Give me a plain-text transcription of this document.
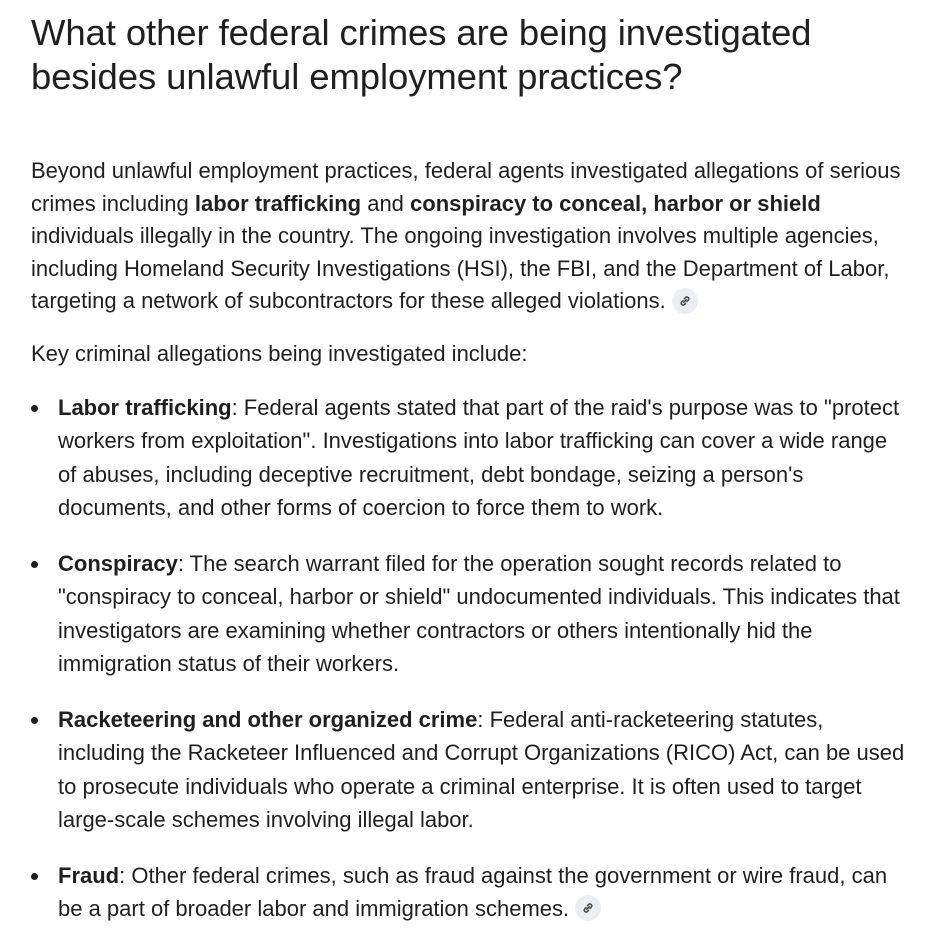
What other federal crimes are being investigated besides unlawful employment practices?

Beyond unlawful employment practices, federal agents investigated allegations of serious crimes including labor trafficking and conspiracy to conceal, harbor or shield individuals illegally in the country. The ongoing investigation involves multiple agencies, including Homeland Security Investigations (HSI), the FBI, and the Department of Labor, targeting a network of subcontractors for these alleged violations.

Key criminal allegations being investigated include:

Labor trafficking: Federal agents stated that part of the raid's purpose was to "protect workers from exploitation". Investigations into labor trafficking can cover a wide range of abuses, including deceptive recruitment, debt bondage, seizing a person's documents, and other forms of coercion to force them to work.
Conspiracy: The search warrant filed for the operation sought records related to "conspiracy to conceal, harbor or shield" undocumented individuals. This indicates that investigators are examining whether contractors or others intentionally hid the immigration status of their workers.
Racketeering and other organized crime: Federal anti-racketeering statutes, including the Racketeer Influenced and Corrupt Organizations (RICO) Act, can be used to prosecute individuals who operate a criminal enterprise. It is often used to target large-scale schemes involving illegal labor.
Fraud: Other federal crimes, such as fraud against the government or wire fraud, can be a part of broader labor and immigration schemes.
